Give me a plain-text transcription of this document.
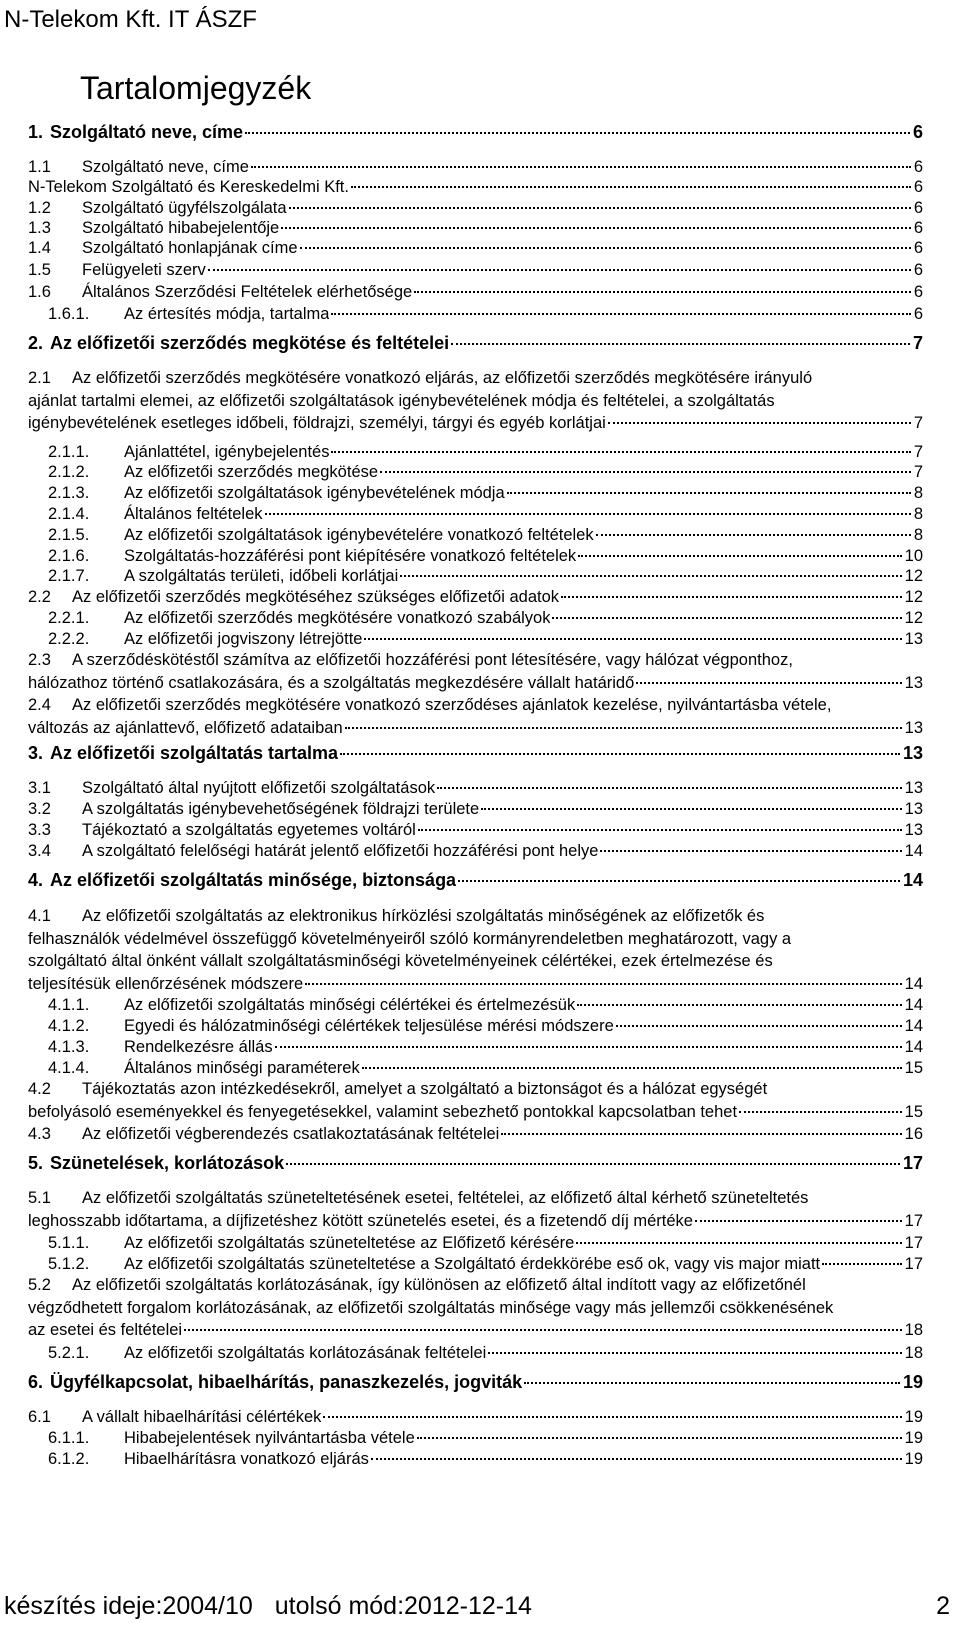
N-Telekom Kft. IT ÁSZF
Tartalomjegyzék
1. Szolgáltató neve, címe	6
1.1	Szolgáltató neve, címe	6
N-Telekom Szolgáltató és Kereskedelmi Kft.	6
1.2	Szolgáltató ügyfélszolgálata	6
1.3	Szolgáltató hibabejelentője	6
1.4	Szolgáltató honlapjának címe	6
1.5	Felügyeleti szerv	6
1.6	Általános Szerződési Feltételek elérhetősége	6
1.6.1.	Az értesítés módja, tartalma	6
2. Az előfizetői szerződés megkötése és feltételei	7
2.1 Az előfizetői szerződés megkötésére vonatkozó eljárás, az előfizetői szerződés megkötésére irányuló
ajánlat tartalmi elemei, az előfizetői szolgáltatások igénybevételének módja és feltételei, a szolgáltatás
igénybevételének esetleges időbeli, földrajzi, személyi, tárgyi és egyéb korlátjai	7
2.1.1.	Ajánlattétel, igénybejelentés	7
2.1.2.	Az előfizetői szerződés megkötése	7
2.1.3.	Az előfizetői szolgáltatások igénybevételének módja	8
2.1.4.	Általános feltételek	8
2.1.5.	Az előfizetői szolgáltatások igénybevételére vonatkozó feltételek	8
2.1.6.	Szolgáltatás-hozzáférési pont kiépítésére vonatkozó feltételek	10
2.1.7.	A szolgáltatás területi, időbeli korlátjai	12
2.2	Az előfizetői szerződés megkötéséhez szükséges előfizetői adatok	12
2.2.1.	Az előfizetői szerződés megkötésére vonatkozó szabályok	12
2.2.2.	Az előfizetői jogviszony létrejötte	13
2.3 A szerződéskötéstől számítva az előfizetői hozzáférési pont létesítésére, vagy hálózat végponthoz,
hálózathoz történő csatlakozására, és a szolgáltatás megkezdésére vállalt határidő	13
2.4 Az előfizetői szerződés megkötésére vonatkozó szerződéses ajánlatok kezelése, nyilvántartásba vétele,
változás az ajánlattevő, előfizető adataiban	13
3. Az előfizetői szolgáltatás tartalma	13
3.1	Szolgáltató által nyújtott előfizetői szolgáltatások	13
3.2	A szolgáltatás igénybevehetőségének földrajzi területe	13
3.3	Tájékoztató a szolgáltatás egyetemes voltáról	13
3.4	A szolgáltató felelőségi határát jelentő előfizetői hozzáférési pont helye	14
4. Az előfizetői szolgáltatás minősége, biztonsága	14
4.1 Az előfizetői szolgáltatás az elektronikus hírközlési szolgáltatás minőségének az előfizetők és
felhasználók védelmével összefüggő követelményeiről szóló kormányrendeletben meghatározott, vagy a
szolgáltató által önként vállalt szolgáltatásminőségi követelményeinek célértékei, ezek értelmezése és
teljesítésük ellenőrzésének módszere	14
4.1.1.	Az előfizetői szolgáltatás minőségi célértékei és értelmezésük	14
4.1.2.	Egyedi és hálózatminőségi célértékek teljesülése mérési módszere	14
4.1.3.	Rendelkezésre állás	14
4.1.4.	Általános minőségi paraméterek	15
4.2 Tájékoztatás azon intézkedésekről, amelyet a szolgáltató a biztonságot és a hálózat egységét
befolyásoló eseményekkel és fenyegetésekkel, valamint sebezhető pontokkal kapcsolatban tehet	15
4.3	Az előfizetői végberendezés csatlakoztatásának feltételei	16
5. Szünetelések, korlátozások	17
5.1 Az előfizetői szolgáltatás szüneteltetésének esetei, feltételei, az előfizető által kérhető szüneteltetés
leghosszabb időtartama, a díjfizetéshez kötött szünetelés esetei, és a fizetendő díj mértéke	17
5.1.1.	Az előfizetői szolgáltatás szüneteltetése az Előfizető kérésére	17
5.1.2.	Az előfizetői szolgáltatás szüneteltetése a Szolgáltató érdekkörébe eső ok, vagy vis major miatt	17
5.2 Az előfizetői szolgáltatás korlátozásának, így különösen az előfizető által indított vagy az előfizetőnél
végződhetett forgalom korlátozásának, az előfizetői szolgáltatás minősége vagy más jellemzői csökkenésének
az esetei és feltételei	18
5.2.1.	Az előfizetői szolgáltatás korlátozásának feltételei	18
6. Ügyfélkapcsolat, hibaelhárítás, panaszkezelés, jogviták	19
6.1	A vállalt hibaelhárítási célértékek	19
6.1.1.	Hibabejelentések nyilvántartásba vétele	19
6.1.2.	Hibaelhárításra vonatkozó eljárás	19
készítés ideje:2004/10 utolsó mód:2012-12-14	2
